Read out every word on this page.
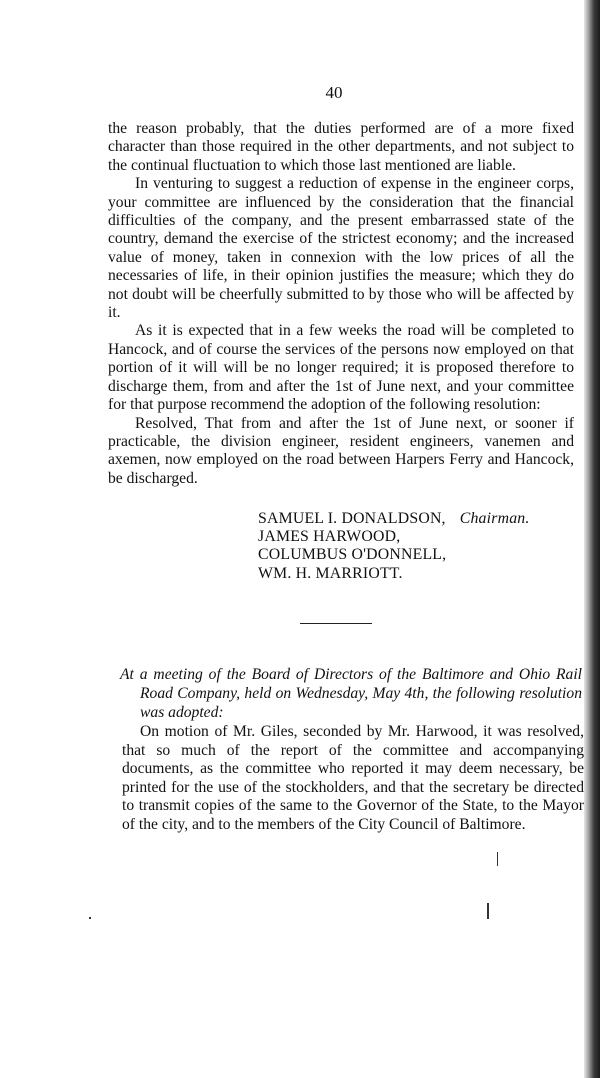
40

the reason probably, that the duties performed are of a more fixed character than those required in the other departments, and not subject to the continual fluctuation to which those last mentioned are liable.

In venturing to suggest a reduction of expense in the engineer corps, your committee are influenced by the consideration that the financial difficulties of the company, and the present embarrassed state of the country, demand the exercise of the strictest economy; and the increased value of money, taken in connexion with the low prices of all the necessaries of life, in their opinion justifies the measure; which they do not doubt will be cheerfully submitted to by those who will be affected by it.

As it is expected that in a few weeks the road will be completed to Hancock, and of course the services of the persons now employed on that portion of it will will be no longer required; it is proposed therefore to discharge them, from and after the 1st of June next, and your committee for that purpose recommend the adoption of the following resolution:

Resolved, That from and after the 1st of June next, or sooner if practicable, the division engineer, resident engineers, vanemen and axemen, now employed on the road between Harpers Ferry and Hancock, be discharged.

SAMUEL I. DONALDSON, Chairman.
JAMES HARWOOD,
COLUMBUS O'DONNELL,
WM. H. MARRIOTT.

At a meeting of the Board of Directors of the Baltimore and Ohio Rail Road Company, held on Wednesday, May 4th, the following resolution was adopted:

On motion of Mr. Giles, seconded by Mr. Harwood, it was resolved, that so much of the report of the committee and accompanying documents, as the committee who reported it may deem necessary, be printed for the use of the stockholders, and that the secretary be directed to transmit copies of the same to the Governor of the State, to the Mayor of the city, and to the members of the City Council of Baltimore.
